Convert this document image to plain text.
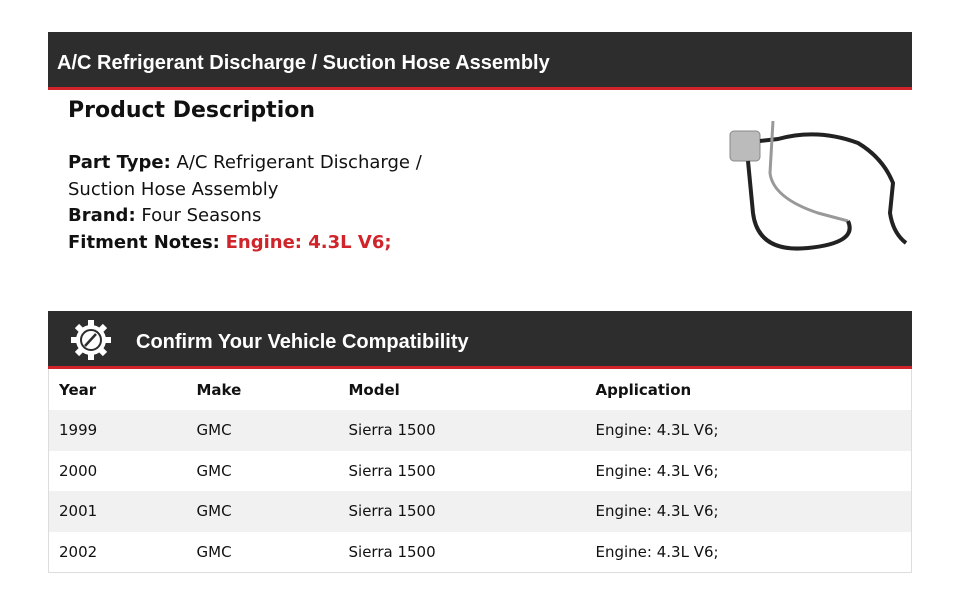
A/C Refrigerant Discharge / Suction Hose Assembly
Product Description
Part Type: A/C Refrigerant Discharge / Suction Hose Assembly
Brand: Four Seasons
Fitment Notes: Engine: 4.3L V6;
Confirm Your Vehicle Compatibility
Year	Make	Model	Application
1999	GMC	Sierra 1500	Engine: 4.3L V6;
2000	GMC	Sierra 1500	Engine: 4.3L V6;
2001	GMC	Sierra 1500	Engine: 4.3L V6;
2002	GMC	Sierra 1500	Engine: 4.3L V6;
